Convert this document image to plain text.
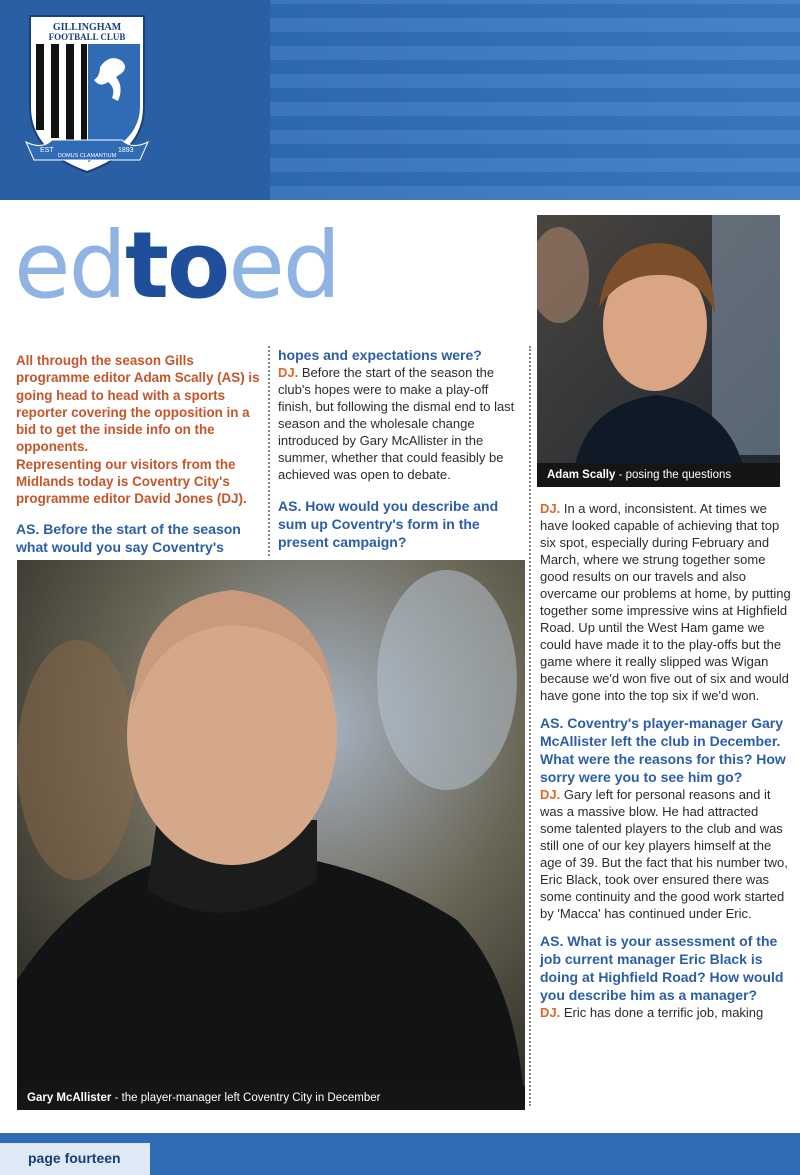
GILLINGHAM
FOOTBALL CLUB
EST	1893
DOMUS CLAMANTIUM
edtoed

All through the season Gills programme editor Adam Scally (AS) is going head to head with a sports reporter covering the opposition in a bid to get the inside info on the opponents.

Representing our visitors from the Midlands today is Coventry City's programme editor David Jones (DJ).

AS. Before the start of the season what would you say Coventry's
hopes and expectations were?
DJ. Before the start of the season the club's hopes were to make a play-off finish, but following the dismal end to last season and the wholesale change introduced by Gary McAllister in the summer, whether that could feasibly be achieved was open to debate.
AS. How would you describe and sum up Coventry's form in the present campaign?
Adam Scally - posing the questions
DJ. In a word, inconsistent. At times we have looked capable of achieving that top six spot, especially during February and March, where we strung together some good results on our travels and also overcame our problems at home, by putting together some impressive wins at Highfield Road. Up until the West Ham game we could have made it to the play-offs but the game where it really slipped was Wigan because we'd won five out of six and would have gone into the top six if we'd won.
AS. Coventry's player-manager Gary McAllister left the club in December. What were the reasons for this? How sorry were you to see him go?
DJ. Gary left for personal reasons and it was a massive blow. He had attracted some talented players to the club and was still one of our key players himself at the age of 39. But the fact that his number two, Eric Black, took over ensured there was some continuity and the good work started by 'Macca' has continued under Eric.
AS. What is your assessment of the job current manager Eric Black is doing at Highfield Road? How would you describe him as a manager?
DJ. Eric has done a terrific job, making
Gary McAllister - the player-manager left Coventry City in December
page fourteen
